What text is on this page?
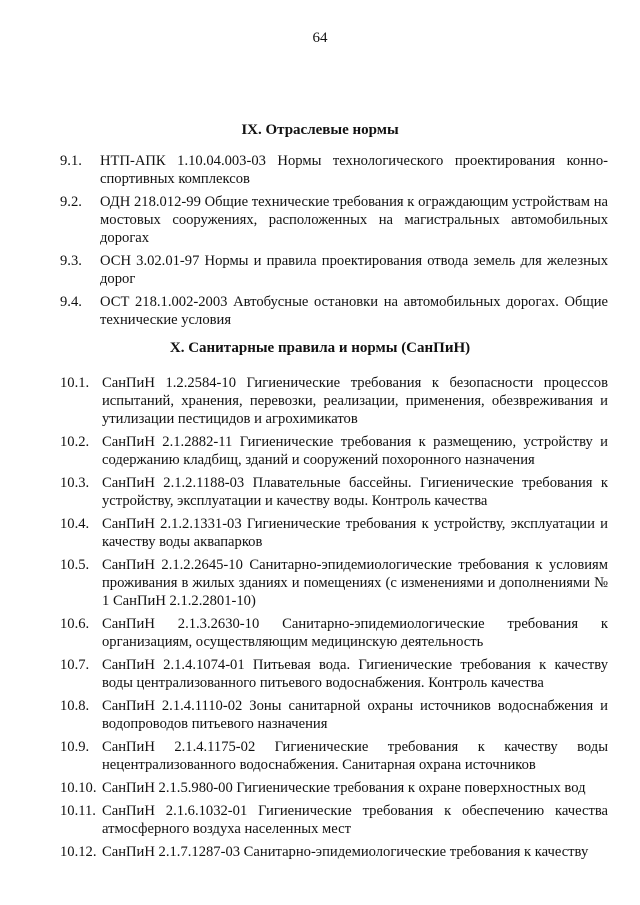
64
IX. Отраслевые нормы
9.1. НТП-АПК 1.10.04.003-03 Нормы технологического проектирования конно-спортивных комплексов
9.2. ОДН 218.012-99 Общие технические требования к ограждающим устройствам на мостовых сооружениях, расположенных на магистральных автомобильных дорогах
9.3. ОСН 3.02.01-97 Нормы и правила проектирования отвода земель для железных дорог
9.4. ОСТ 218.1.002-2003 Автобусные остановки на автомобильных дорогах. Общие технические условия
X. Санитарные правила и нормы (СанПиН)
10.1. СанПиН 1.2.2584-10 Гигиенические требования к безопасности процессов испытаний, хранения, перевозки, реализации, применения, обезвреживания и утилизации пестицидов и агрохимикатов
10.2. СанПиН 2.1.2882-11 Гигиенические требования к размещению, устройству и содержанию кладбищ, зданий и сооружений похоронного назначения
10.3. СанПиН 2.1.2.1188-03 Плавательные бассейны. Гигиенические требования к устройству, эксплуатации и качеству воды. Контроль качества
10.4. СанПиН 2.1.2.1331-03 Гигиенические требования к устройству, эксплуатации и качеству воды аквапарков
10.5. СанПиН 2.1.2.2645-10 Санитарно-эпидемиологические требования к условиям проживания в жилых зданиях и помещениях (с изменениями и дополнениями № 1 СанПиН 2.1.2.2801-10)
10.6. СанПиН 2.1.3.2630-10 Санитарно-эпидемиологические требования к организациям, осуществляющим медицинскую деятельность
10.7. СанПиН 2.1.4.1074-01 Питьевая вода. Гигиенические требования к качеству воды централизованного питьевого водоснабжения. Контроль качества
10.8. СанПиН 2.1.4.1110-02 Зоны санитарной охраны источников водоснабжения и водопроводов питьевого назначения
10.9. СанПиН 2.1.4.1175-02 Гигиенические требования к качеству воды нецентрализованного водоснабжения. Санитарная охрана источников
10.10. СанПиН 2.1.5.980-00 Гигиенические требования к охране поверхностных вод
10.11. СанПиН 2.1.6.1032-01 Гигиенические требования к обеспечению качества атмосферного воздуха населенных мест
10.12. СанПиН 2.1.7.1287-03 Санитарно-эпидемиологические требования к качеству
